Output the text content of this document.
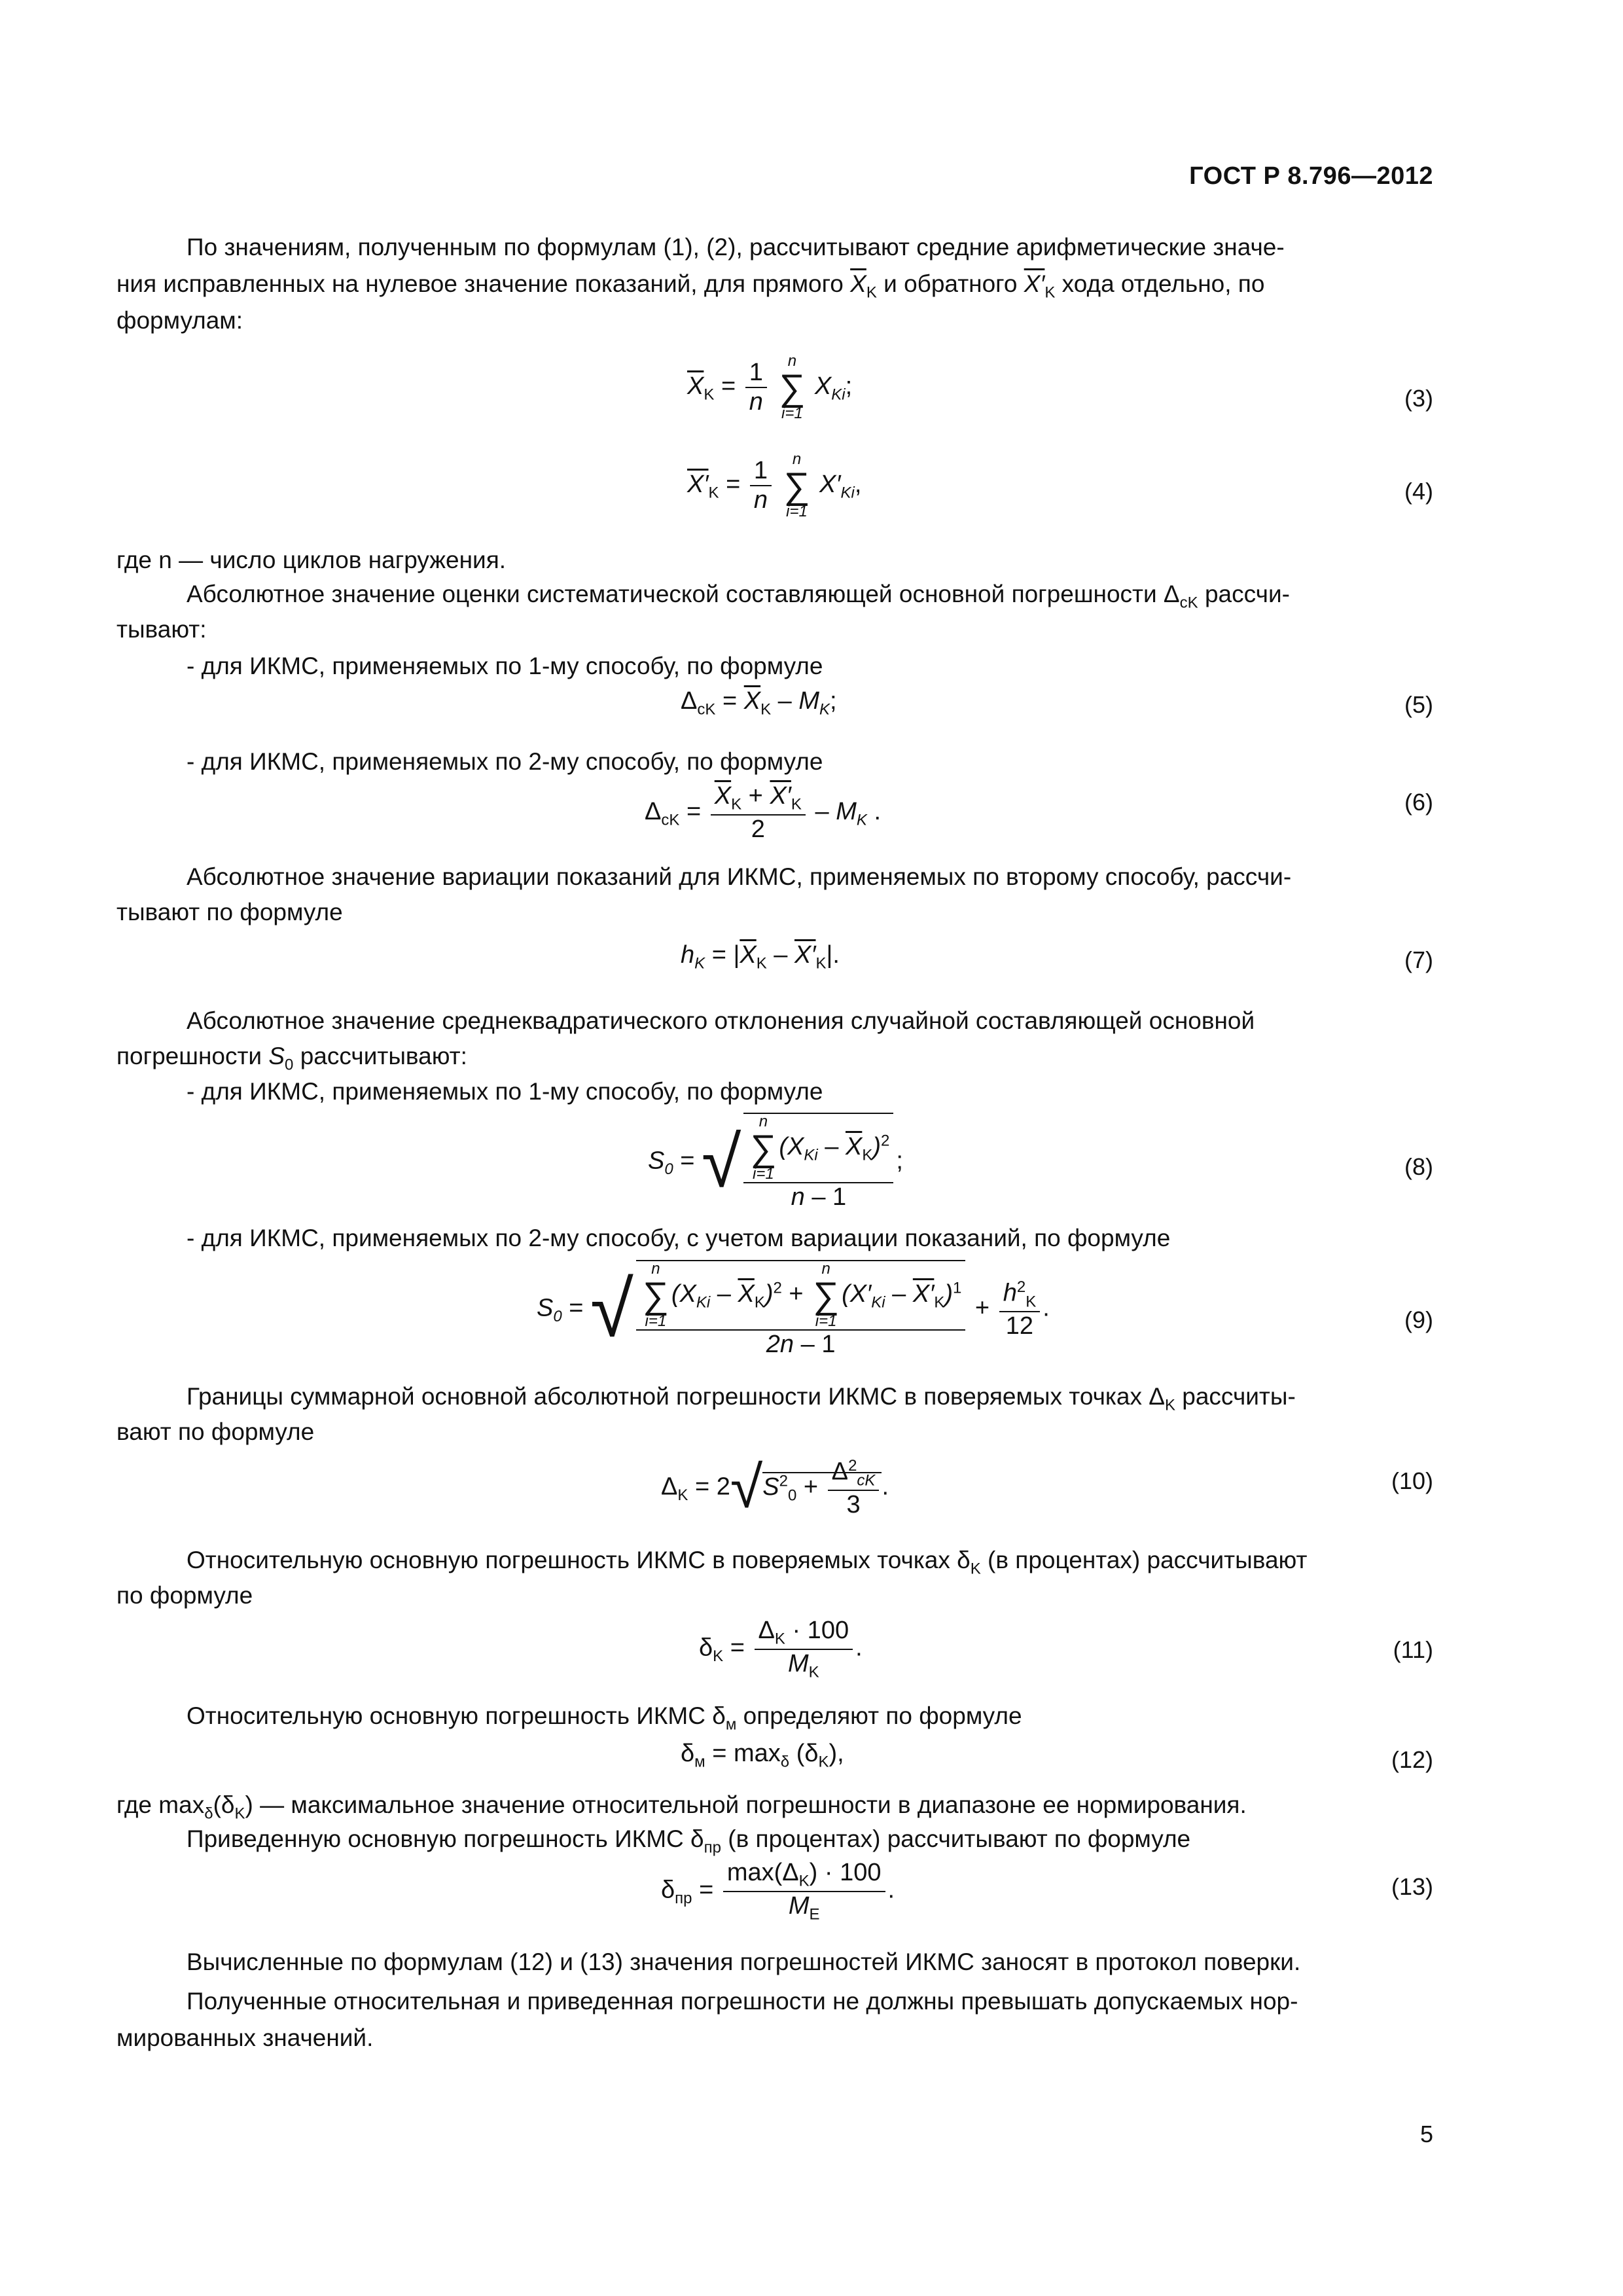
ГОСТ Р 8.796—2012
По значениям, полученным по формулам (1), (2), рассчитывают средние арифметические значе-
ния исправленных на нулевое значение показаний, для прямого $\overline{X}_K$ и обратного $X'_K$ хода отдельно, по
формулам:
$\overline{X}_K = \frac{1}{n}$
	n
∑
i=1
$X_{Ki}$;	(3)
$X'_K = \frac{1}{n}$
	n
∑
i=1
$X'_{Ki}$,	(4)
где n — число циклов нагружения.
Абсолютное значение оценки систематической составляющей основной погрешности $\Delta_{cK}$ рассчи-
тывают:
- для ИКМС, применяемых по 1-му способу, по формуле
$\Delta_{cK} = \overline{X}_K - M_K$;	(5)
- для ИКМС, применяемых по 2-му способу, по формуле
$\Delta_{cK} = \frac{\overline{X}_K + X'_K}{2} - M_K$ .	(6)
Абсолютное значение вариации показаний для ИКМС, применяемых по второму способу, рассчи-
тывают по формуле
$h_K = |\overline{X}_K - X'_K|$.	(7)
Абсолютное значение среднеквадратического отклонения случайной составляющей основной
погрешности $S_0$ рассчитывают:
- для ИКМС, применяемых по 1-му способу, по формуле
$S_0$ = √ n
∑
i=1
$(X_{Ki} - \overline{X}_K)^2$
n – 1 ;	(8)
- для ИКМС, применяемых по 2-му способу, с учетом вариации показаний, по формуле
$S_0$ = √ n
∑
i=1
$(X_{Ki} - \overline{X}_K)^2$ +
n
∑
i=1
$(X'_{Ki} - X'_K)^1$
$2n - 1 + \frac{h^2_K}{12}$ .	(9)
Границы суммарной основной абсолютной погрешности ИКМС в поверяемых точках $\Delta_K$ рассчиты-
вают по формуле
$\Delta_K = 2√S^2_0 + \frac{\Delta^2_{cK}}{3}$ .	(10)
Относительную основную погрешность ИКМС в поверяемых точках $\delta_K$ (в процентах) рассчитывают
по формуле
$\delta_K = \frac{\Delta_K \cdot 100}{M_K}$ .	(11)
Относительную основную погрешность ИКМС $\delta_м$ определяют по формуле
$\delta_м = \max_\delta (\delta_K)$,	(12)
где $\max_\delta(\delta_K)$ — максимальное значение относительной погрешности в диапазоне ее нормирования.
Приведенную основную погрешность ИКМС $\delta_{пр}$ (в процентах) рассчитывают по формуле
$\delta_{пр} = \frac{\max(\Delta_K) \cdot 100}{M_E}$ .	(13)
Вычисленные по формулам (12) и (13) значения погрешностей ИКМС заносят в протокол поверки.
Полученные относительная и приведенная погрешности не должны превышать допускаемых нор-
мированных значений.
5
